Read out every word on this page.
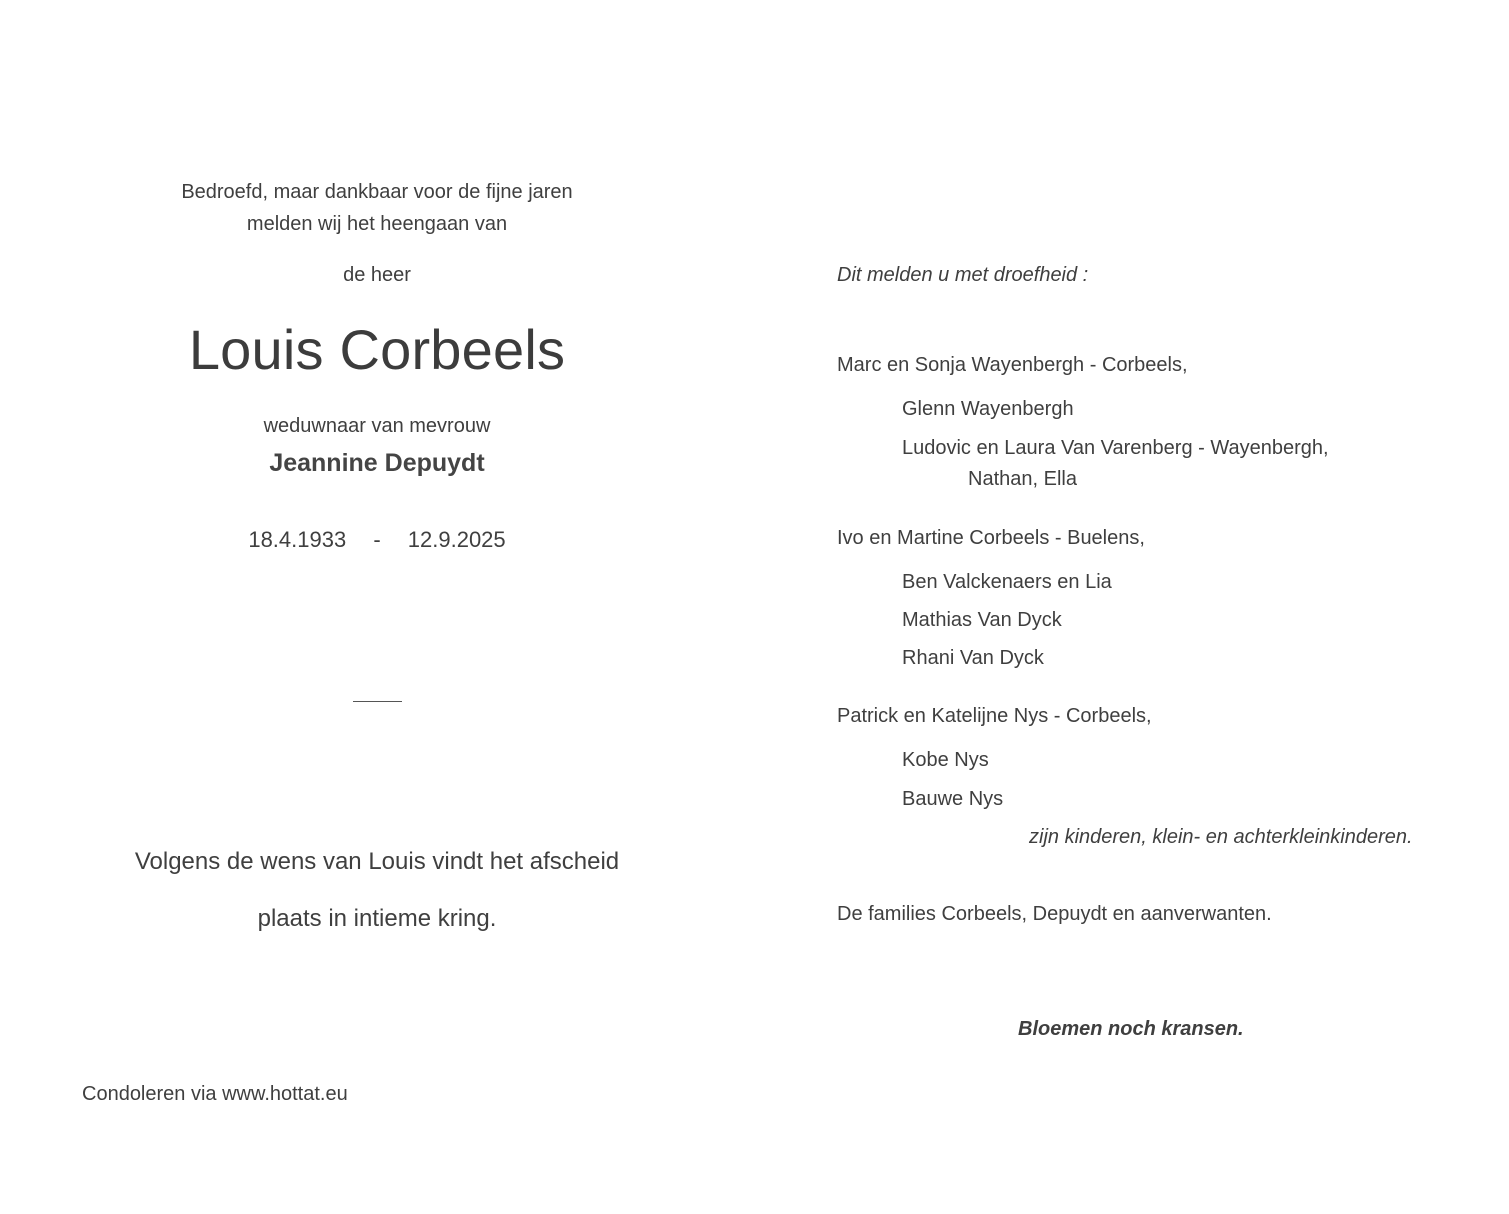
Bedroefd, maar dankbaar voor de fijne jaren
melden wij het heengaan van
de heer
Louis Corbeels
weduwnaar van mevrouw
Jeannine Depuydt
18.4.1933 - 12.9.2025
Volgens de wens van Louis vindt het afscheid
plaats in intieme kring.
Condoleren via www.hottat.eu
Dit melden u met droefheid :
Marc en Sonja Wayenbergh - Corbeels,
Glenn Wayenbergh
Ludovic en Laura Van Varenberg - Wayenbergh,
Nathan, Ella
Ivo en Martine Corbeels - Buelens,
Ben Valckenaers en Lia
Mathias Van Dyck
Rhani Van Dyck
Patrick en Katelijne Nys - Corbeels,
Kobe Nys
Bauwe Nys
zijn kinderen, klein- en achterkleinkinderen.
De families Corbeels, Depuydt en aanverwanten.
Bloemen noch kransen.
